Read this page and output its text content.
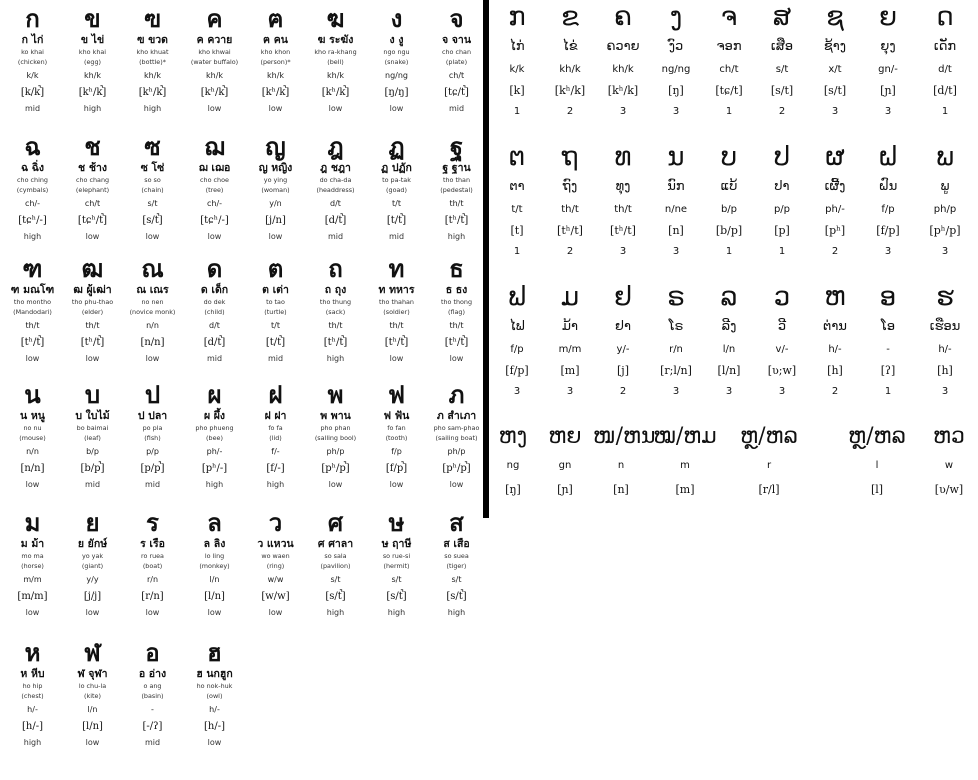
ก
ก ไก่
ko khai
(chicken)
k/k
[k/k̚]
mid
ข
ข ไข่
kho khai
(egg)
kh/k
[kʰ/k̚]
high
ฃ
ฃ ขวด
kho khuat
(bottle)*
kh/k
[kʰ/k̚]
high
ค
ค ควาย
kho khwai
(water buffalo)
kh/k
[kʰ/k̚]
low
ฅ
ฅ คน
kho khon
(person)*
kh/k
[kʰ/k̚]
low
ฆ
ฆ ระฆัง
kho ra-khang
(bell)
kh/k
[kʰ/k̚]
low
ง
ง งู
ngo ngu
(snake)
ng/ng
[ŋ/ŋ]
low
จ
จ จาน
cho chan
(plate)
ch/t
[tɕ/t̚]
mid
ฉ
ฉ ฉิ่ง
cho ching
(cymbals)
ch/-
[tɕʰ/-]
high
ช
ช ช้าง
cho chang
(elephant)
ch/t
[tɕʰ/t̚]
low
ซ
ซ โซ่
so so
(chain)
s/t
[s/t̚]
low
ฌ
ฌ เฌอ
cho choe
(tree)
ch/-
[tɕʰ/-]
low
ญ
ญ หญิง
yo ying
(woman)
y/n
[j/n]
low
ฎ
ฎ ชฎา
do cha-da
(headdress)
d/t
[d/t̚]
mid
ฏ
ฏ ปฏัก
to pa-tak
(goad)
t/t
[t/t̚]
mid
ฐ
ฐ ฐาน
tho than
(pedestal)
th/t
[tʰ/t̚]
high
ฑ
ฑ มณโฑ
tho montho
(Mandodari)
th/t
[tʰ/t̚]
low
ฒ
ฒ ผู้เฒ่า
tho phu-thao
(elder)
th/t
[tʰ/t̚]
low
ณ
ณ เณร
no nen
(novice monk)
n/n
[n/n]
low
ด
ด เด็ก
do dek
(child)
d/t
[d/t̚]
mid
ต
ต เต่า
to tao
(turtle)
t/t
[t/t̚]
mid
ถ
ถ ถุง
tho thung
(sack)
th/t
[tʰ/t̚]
high
ท
ท ทหาร
tho thahan
(soldier)
th/t
[tʰ/t̚]
low
ธ
ธ ธง
tho thong
(flag)
th/t
[tʰ/t̚]
low
น
น หนู
no nu
(mouse)
n/n
[n/n]
low
บ
บ ใบไม้
bo baimai
(leaf)
b/p
[b/p̚]
mid
ป
ป ปลา
po pla
(fish)
p/p
[p/p̚]
mid
ผ
ผ ผึ้ง
pho phueng
(bee)
ph/-
[pʰ/-]
high
ฝ
ฝ ฝา
fo fa
(lid)
f/-
[f/-]
high
พ
พ พาน
pho phan
(salling bool)
ph/p
[pʰ/p̚]
low
ฟ
ฟ ฟัน
fo fan
(tooth)
f/p
[f/p̚]
low
ภ
ภ สำเภา
pho sam-phao
(sailing boat)
ph/p
[pʰ/p̚]
low
ม
ม ม้า
mo ma
(horse)
m/m
[m/m]
low
ย
ย ยักษ์
yo yak
(giant)
y/y
[j/j]
low
ร
ร เรือ
ro ruea
(boat)
r/n
[r/n]
low
ล
ล ลิง
lo ling
(monkey)
l/n
[l/n]
low
ว
ว แหวน
wo waen
(ring)
w/w
[w/w]
low
ศ
ศ ศาลา
so sala
(pavilion)
s/t
[s/t̚]
high
ษ
ษ ฤาษี
so rue-si
(hermit)
s/t
[s/t̚]
high
ส
ส เสือ
so suea
(tiger)
s/t
[s/t̚]
high
ห
ห หีบ
ho hip
(chest)
h/-
[h/-]
high
ฬ
ฬ จุฬา
lo chu-la
(kite)
l/n
[l/n]
low
อ
อ อ่าง
o ang
(basin)
-
[-/ʔ]
mid
ฮ
ฮ นกฮูก
ho nok-huk
(owl)
h/-
[h/-]
low
ກ
ໄກ່
k/k
[k]
1
ຂ
ໄຂ່
kh/k
[kʰ/k]
2
ຄ
ຄວາຍ
kh/k
[kʰ/k]
3
ງ
ງົວ
ng/ng
[ŋ]
3
ຈ
ຈອກ
ch/t
[tɕ/t]
1
ສ
ເສືອ
s/t
[s/t]
2
ຊ
ຊ້າງ
x/t
[s/t]
3
ຍ
ຍຸງ
gn/-
[ɲ]
3
ດ
ເດັກ
d/t
[d/t]
1
ຕ
ຕາ
t/t
[t]
1
ຖ
ຖົງ
th/t
[tʰ/t]
2
ທ
ທຸງ
th/t
[tʰ/t]
3
ນ
ນົກ
n/ne
[n]
3
ບ
ແບ້
b/p
[b/p]
1
ປ
ປາ
p/p
[p]
1
ຜ
ເຜີ້ງ
ph/-
[pʰ]
2
ຝ
ຝົນ
f/p
[f/p]
3
ພ
ພູ
ph/p
[pʰ/p]
3
ຟ
ໄຟ
f/p
[f/p]
3
ມ
ມ້າ
m/m
[m]
3
ຢ
ຢາ
y/-
[j]
2
ຣ
ໂຣ
r/n
[r;l/n]
3
ລ
ລີງ
l/n
[l/n]
3
ວ
ວີ
v/-
[ʋ;w]
3
ຫ
ຕ່ານ
h/-
[h]
2
ອ
ໂອ
-
[ʔ]
1
ຮ
ເຮືອນ
h/-
[h]
3
ຫງ
ng
[ŋ]
ຫຍ
gn
[ɲ]
ໜ/ຫນ
n
[n]
ໝ/ຫມ
m
[m]
ຫຼ/ຫລ
r
[r/l]
ຫຼ/ຫລ
l
[l]
ຫວ
w
[ʋ/w]
